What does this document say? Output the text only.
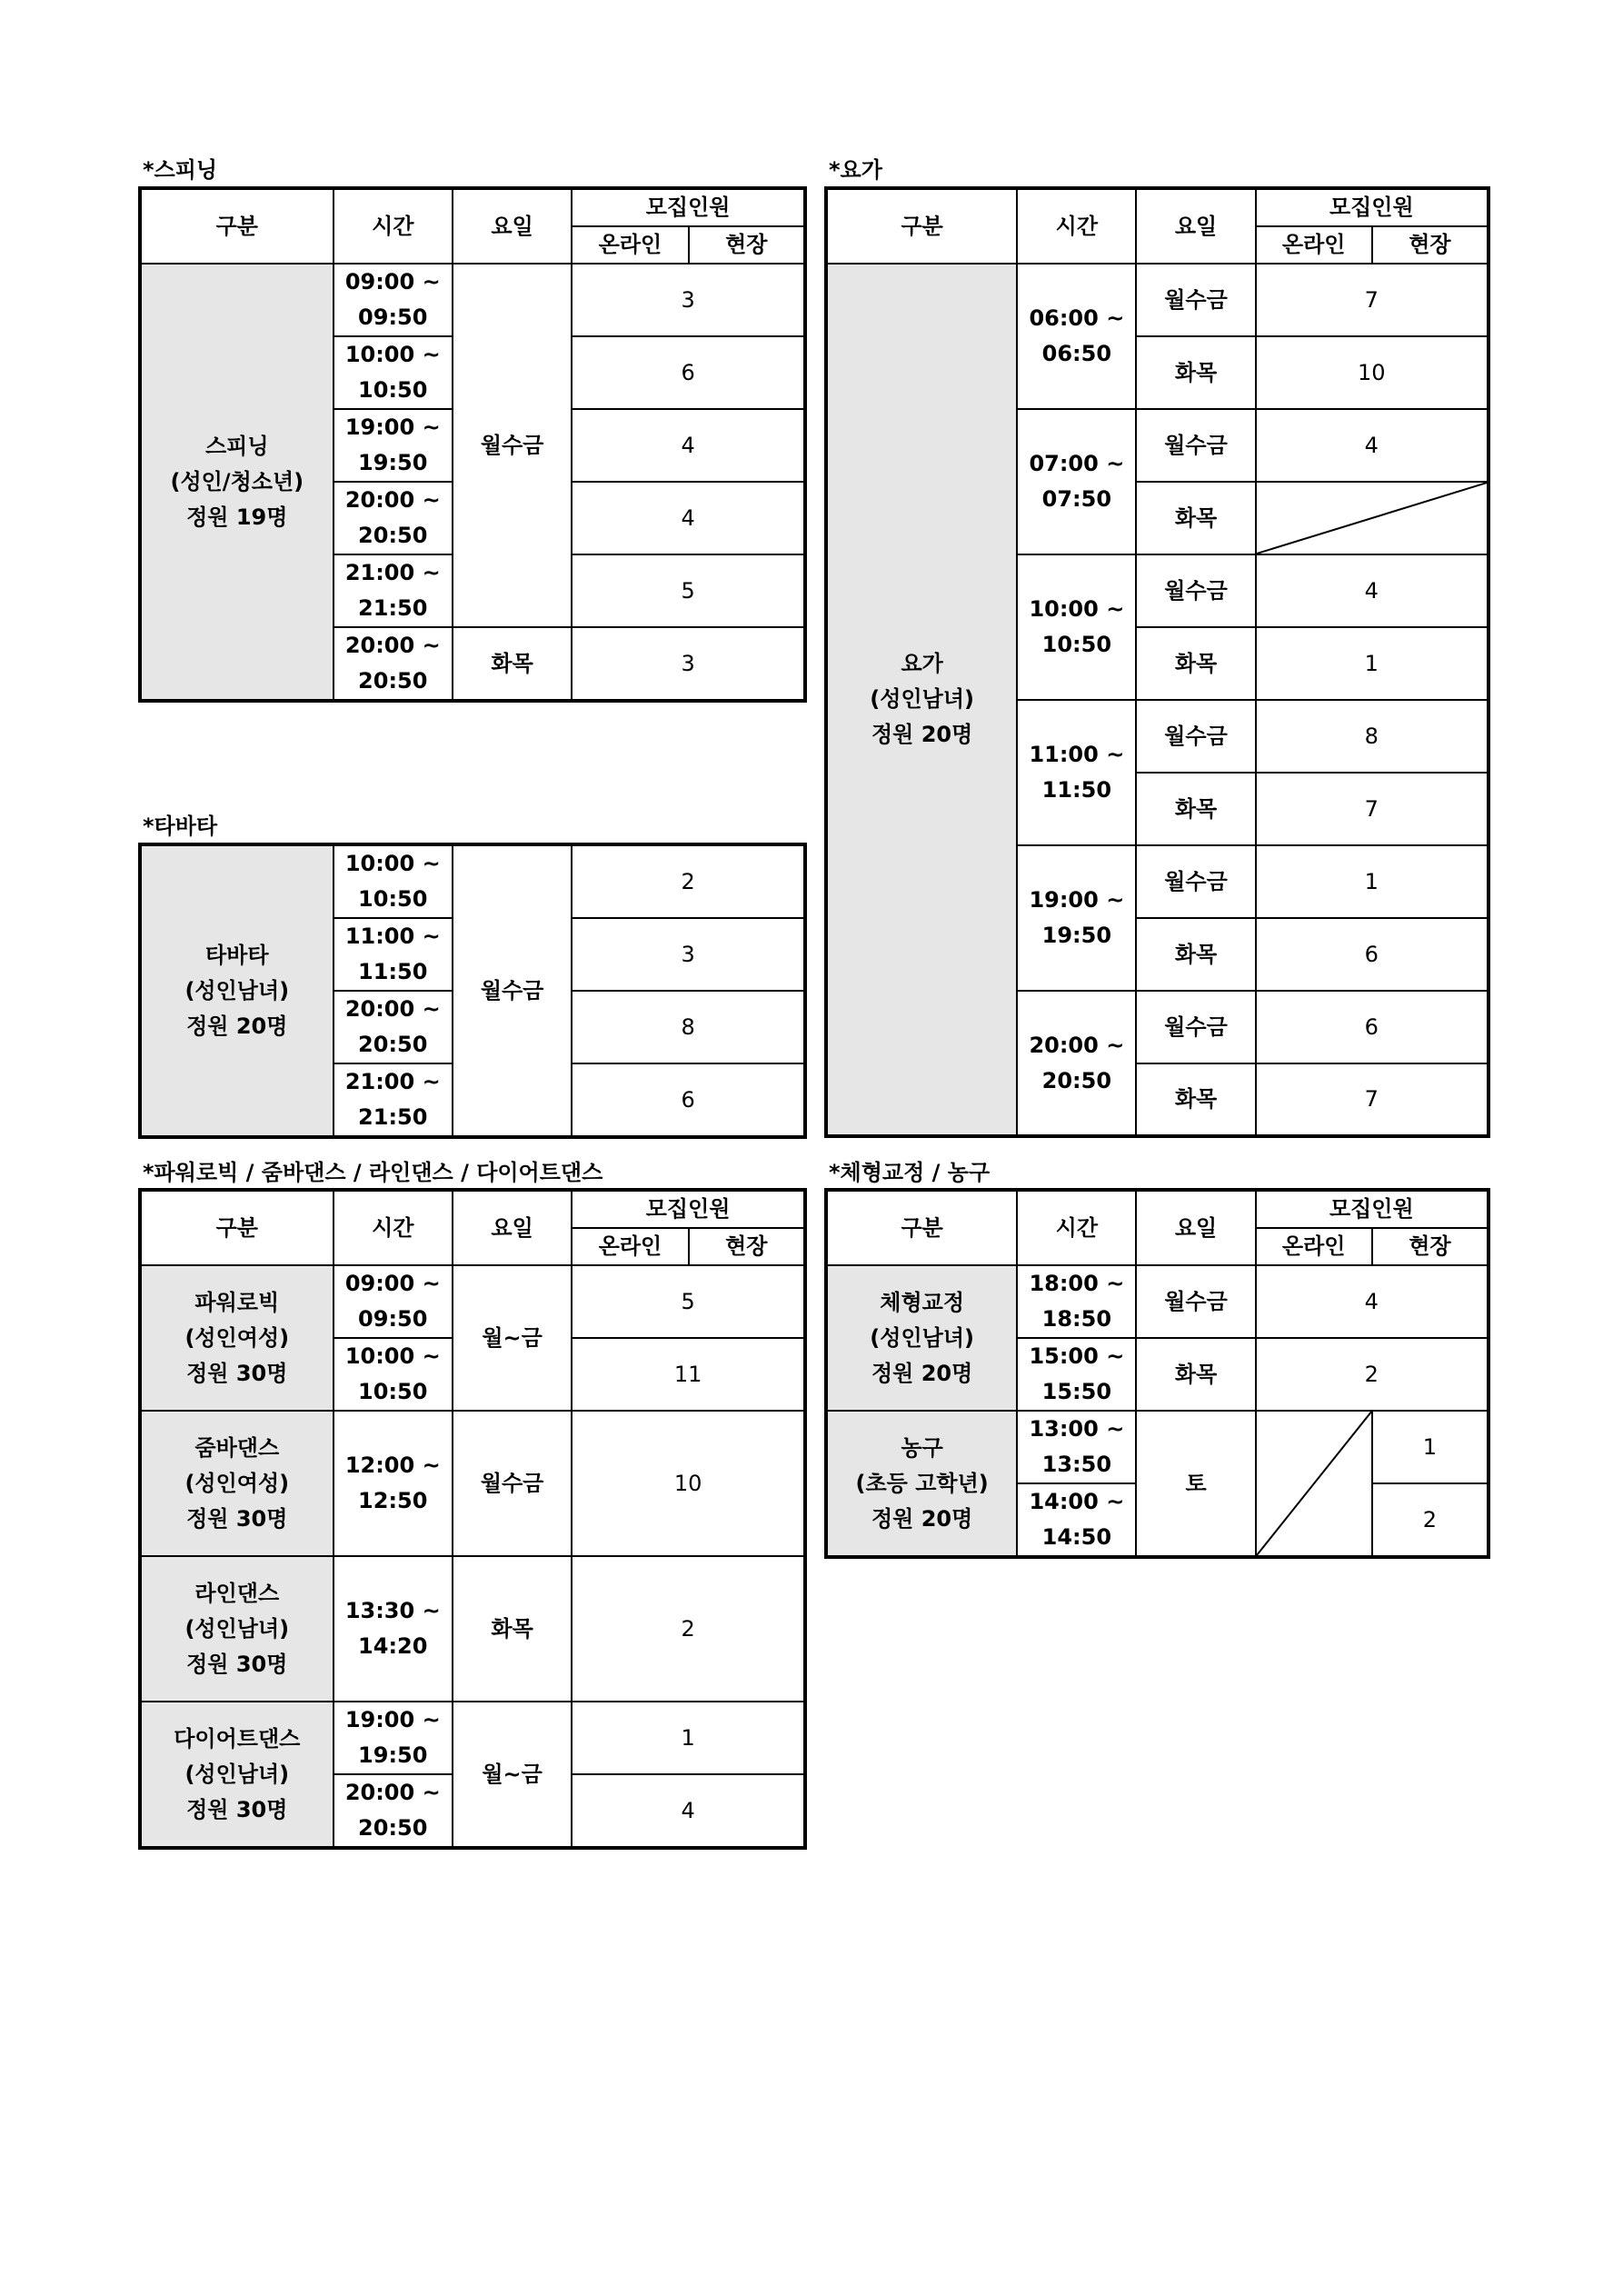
*스피닝
구분	시간	요일	모집인원	
			온라인	현장

스피닝
(성인/청소년)
정원 19명	09:00 ~
09:50	월수금	3	

	10:00 ~
10:50		6	

	19:00 ~
19:50		4	

	20:00 ~
20:50		4	

	21:00 ~
21:50		5	

	20:00 ~
20:50	화목	3	
*요가
구분	시간	요일	모집인원	
			온라인	현장

요가
(성인남녀)
정원 20명	06:00 ~
06:50	월수금	7	
		화목	10	

	07:00 ~
07:50	월수금	4	
		화목	

	10:00 ~
10:50	월수금	4	
		화목	1	

	11:00 ~
11:50	월수금	8	
		화목	7	

	19:00 ~
19:50	월수금	1	
		화목	6	

	20:00 ~
20:50	월수금	6	
		화목	7	
*타바타
타바타
(성인남녀)
정원 20명	10:00 ~
10:50	월수금	2

	11:00 ~
11:50		3

	20:00 ~
20:50		8

	21:00 ~
21:50		6
*파워로빅 / 줌바댄스 / 라인댄스 / 다이어트댄스
구분	시간	요일	모집인원	
			온라인	현장

파워로빅
(성인여성)
정원 30명	09:00 ~
09:50	월~금	5	

	10:00 ~
10:50		11	

줌바댄스
(성인여성)
정원 30명	12:00 ~
12:50	월수금	10	

라인댄스
(성인남녀)
정원 30명	13:30 ~
14:20	화목	2	

다이어트댄스
(성인남녀)
정원 30명	19:00 ~
19:50	월~금	1	

	20:00 ~
20:50		4	
*체형교정 / 농구
구분	시간	요일	모집인원	
			온라인	현장

체형교정
(성인남녀)
정원 20명	18:00 ~
18:50	월수금	4	

	15:00 ~
15:50	화목	2	

농구
(초등 고학년)
정원 20명	13:00 ~
13:50	토		1

	14:00 ~
14:50			2
